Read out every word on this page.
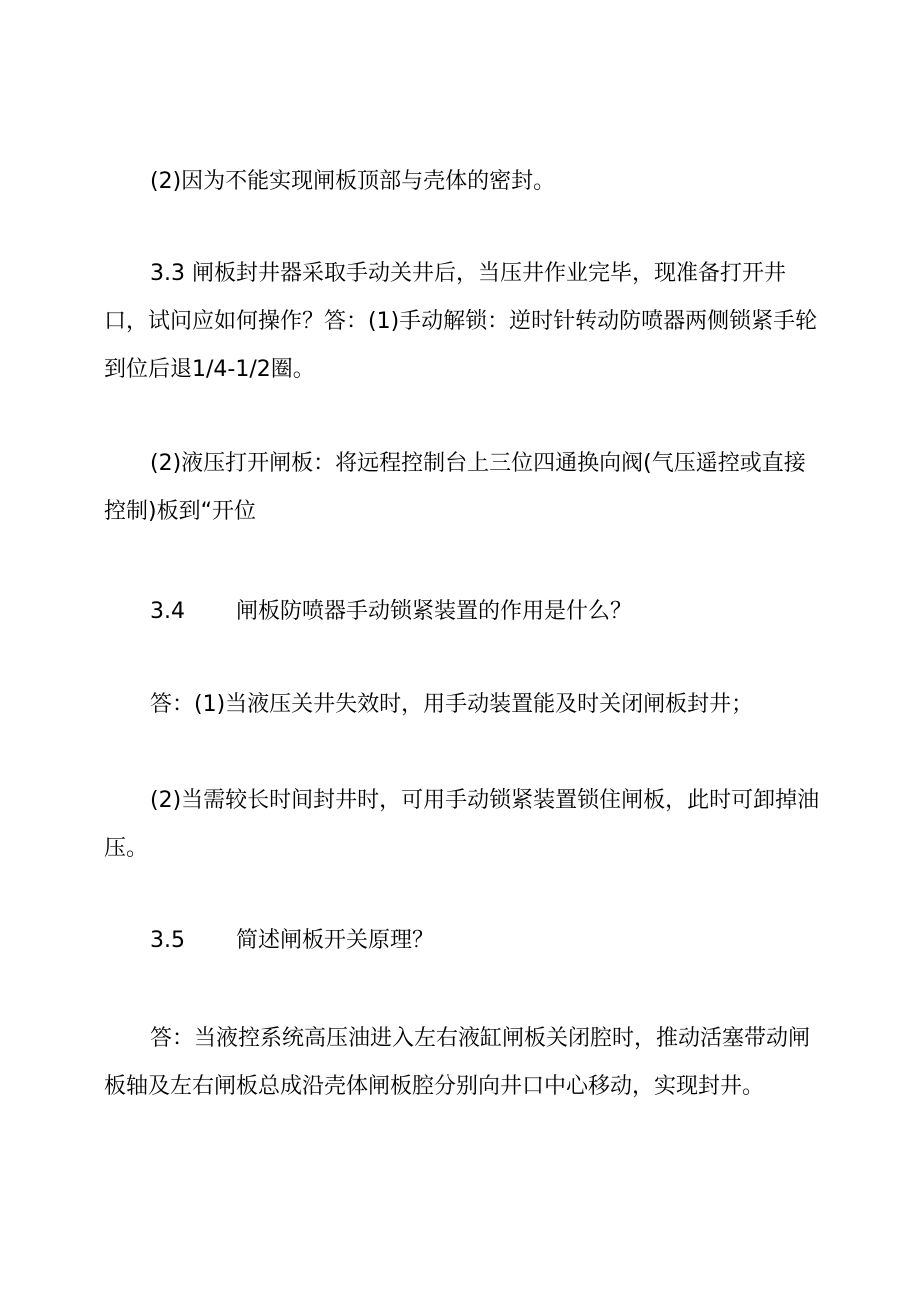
(2)因为不能实现闸板顶部与壳体的密封。

3.3 闸板封井器采取手动关井后，当压井作业完毕，现准备打开井口，试问应如何操作？答：(1)手动解锁：逆时针转动防喷器两侧锁紧手轮到位后退1/4-1/2圈。

(2)液压打开闸板：将远程控制台上三位四通换向阀(气压遥控或直接控制)板到“开位

3.4 闸板防喷器手动锁紧装置的作用是什么？

答：(1)当液压关井失效时，用手动装置能及时关闭闸板封井；

(2)当需较长时间封井时，可用手动锁紧装置锁住闸板，此时可卸掉油压。

3.5 简述闸板开关原理？

答：当液控系统高压油进入左右液缸闸板关闭腔时，推动活塞带动闸板轴及左右闸板总成沿壳体闸板腔分别向井口中心移动，实现封井。
